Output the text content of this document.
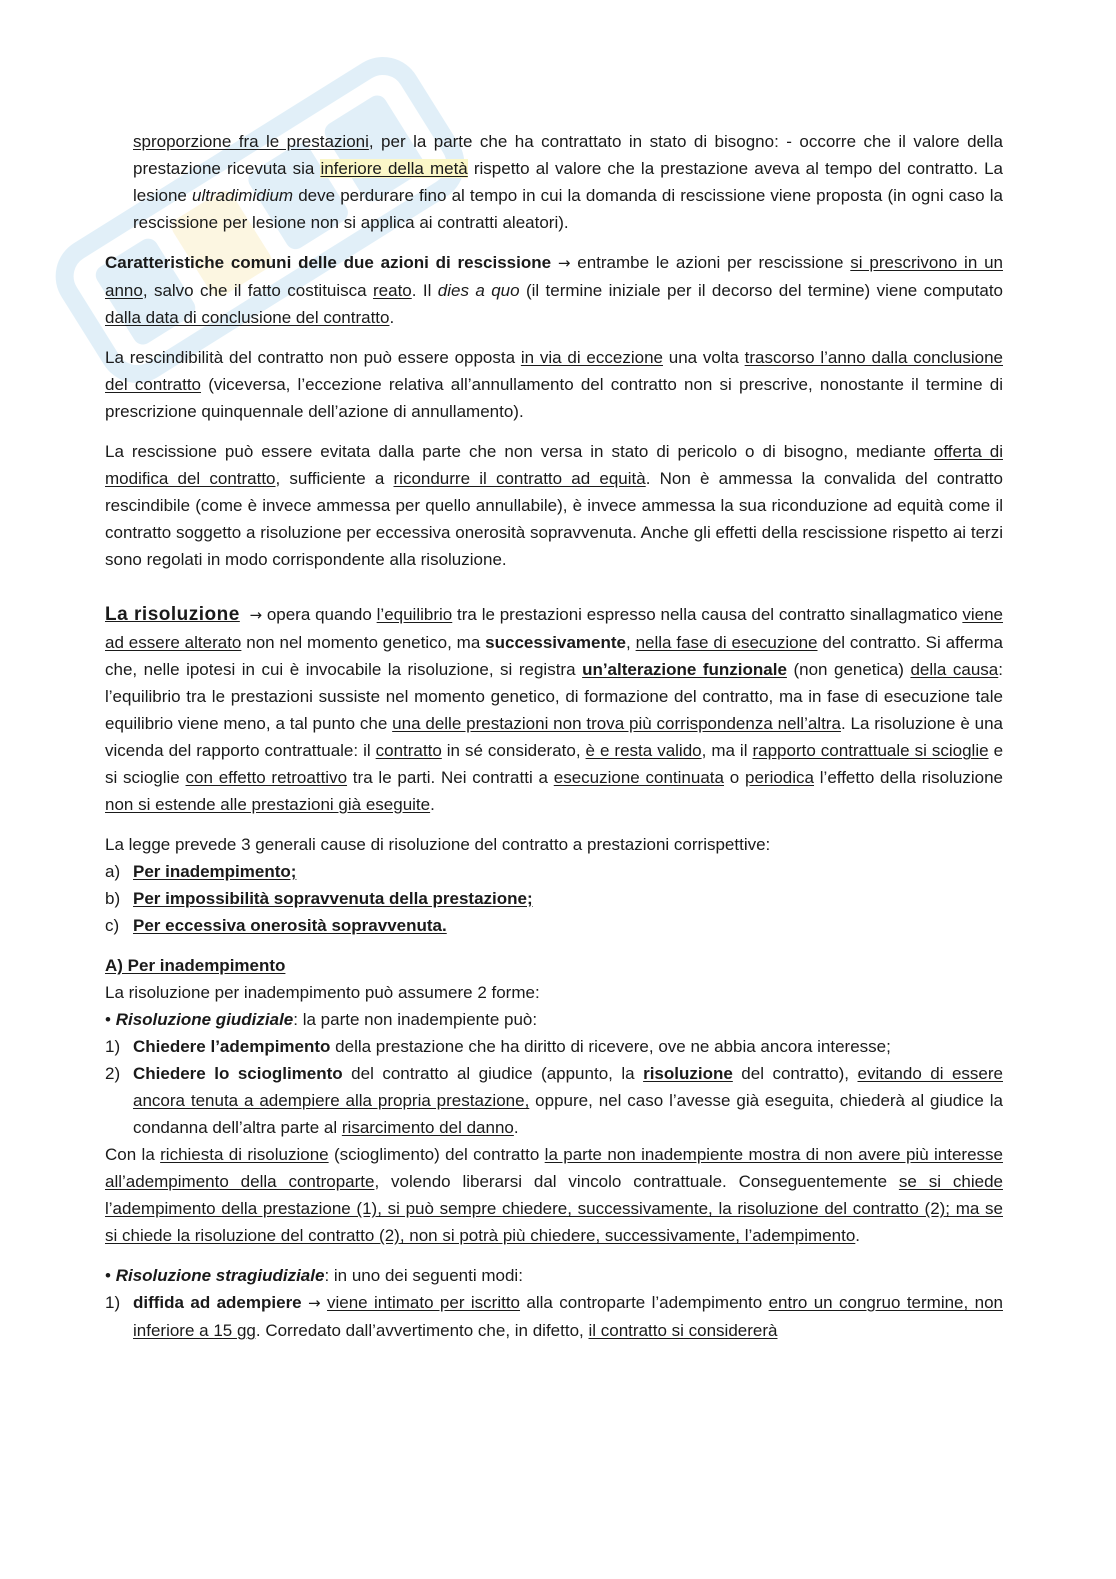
sproporzione fra le prestazioni, per la parte che ha contrattato in stato di bisogno: - occorre che il valore della prestazione ricevuta sia inferiore della metà rispetto al valore che la prestazione aveva al tempo del contratto. La lesione ultradimidium deve perdurare fino al tempo in cui la domanda di rescissione viene proposta (in ogni caso la rescissione per lesione non si applica ai contratti aleatori).

Caratteristiche comuni delle due azioni di rescissione → entrambe le azioni per rescissione si prescrivono in un anno, salvo che il fatto costituisca reato. Il dies a quo (il termine iniziale per il decorso del termine) viene computato dalla data di conclusione del contratto.

La rescindibilità del contratto non può essere opposta in via di eccezione una volta trascorso l’anno dalla conclusione del contratto (viceversa, l’eccezione relativa all’annullamento del contratto non si prescrive, nonostante il termine di prescrizione quinquennale dell’azione di annullamento).

La rescissione può essere evitata dalla parte che non versa in stato di pericolo o di bisogno, mediante offerta di modifica del contratto, sufficiente a ricondurre il contratto ad equità. Non è ammessa la convalida del contratto rescindibile (come è invece ammessa per quello annullabile), è invece ammessa la sua riconduzione ad equità come il contratto soggetto a risoluzione per eccessiva onerosità sopravvenuta. Anche gli effetti della rescissione rispetto ai terzi sono regolati in modo corrispondente alla risoluzione.

La risoluzione → opera quando l’equilibrio tra le prestazioni espresso nella causa del contratto sinallagmatico viene ad essere alterato non nel momento genetico, ma successivamente, nella fase di esecuzione del contratto. Si afferma che, nelle ipotesi in cui è invocabile la risoluzione, si registra un’alterazione funzionale (non genetica) della causa: l’equilibrio tra le prestazioni sussiste nel momento genetico, di formazione del contratto, ma in fase di esecuzione tale equilibrio viene meno, a tal punto che una delle prestazioni non trova più corrispondenza nell’altra. La risoluzione è una vicenda del rapporto contrattuale: il contratto in sé considerato, è e resta valido, ma il rapporto contrattuale si scioglie e si scioglie con effetto retroattivo tra le parti. Nei contratti a esecuzione continuata o periodica l’effetto della risoluzione non si estende alle prestazioni già eseguite.

La legge prevede 3 generali cause di risoluzione del contratto a prestazioni corrispettive:

a) Per inadempimento;
b) Per impossibilità sopravvenuta della prestazione;
c) Per eccessiva onerosità sopravvenuta.

A) Per inadempimento

La risoluzione per inadempimento può assumere 2 forme:

• Risoluzione giudiziale: la parte non inadempiente può:

1) Chiedere l’adempimento della prestazione che ha diritto di ricevere, ove ne abbia ancora interesse;
2) Chiedere lo scioglimento del contratto al giudice (appunto, la risoluzione del contratto), evitando di essere ancora tenuta a adempiere alla propria prestazione, oppure, nel caso l’avesse già eseguita, chiederà al giudice la condanna dell’altra parte al risarcimento del danno.

Con la richiesta di risoluzione (scioglimento) del contratto la parte non inadempiente mostra di non avere più interesse all’adempimento della controparte, volendo liberarsi dal vincolo contrattuale. Conseguentemente se si chiede l’adempimento della prestazione (1), si può sempre chiedere, successivamente, la risoluzione del contratto (2); ma se si chiede la risoluzione del contratto (2), non si potrà più chiedere, successivamente, l’adempimento.

• Risoluzione stragiudiziale: in uno dei seguenti modi:

1) diffida ad adempiere → viene intimato per iscritto alla controparte l’adempimento entro un congruo termine, non inferiore a 15 gg. Corredato dall’avvertimento che, in difetto, il contratto si considererà
